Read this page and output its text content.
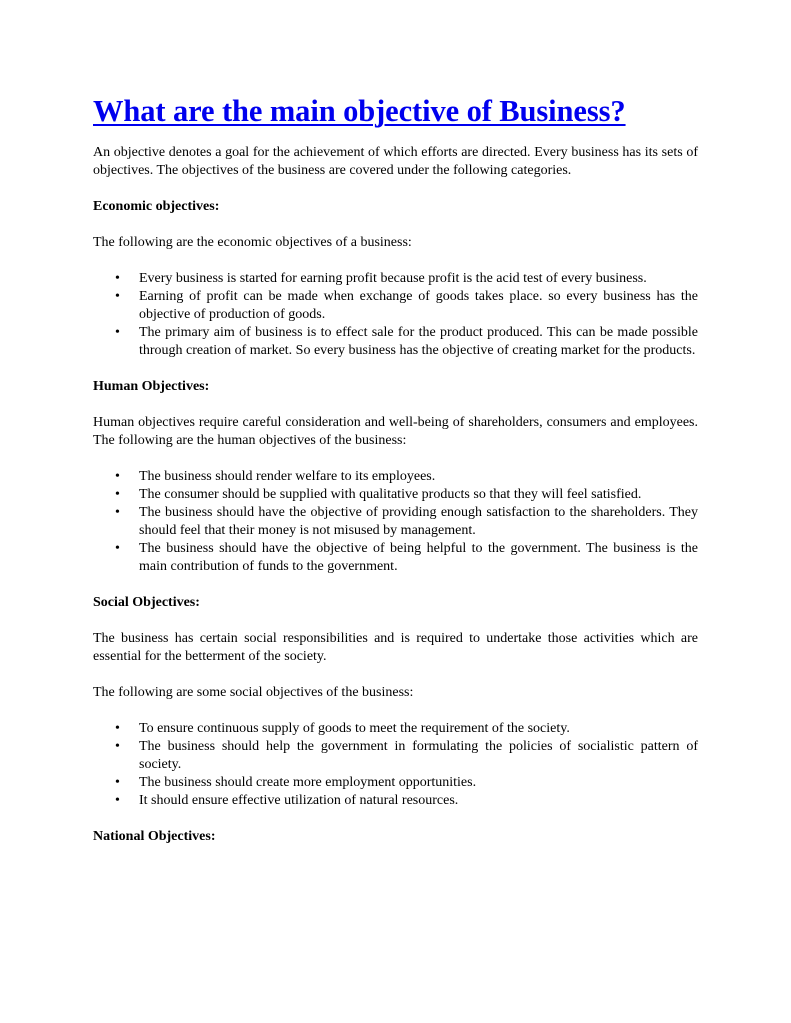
What are the main objective of Business?

An objective denotes a goal for the achievement of which efforts are directed. Every business has its sets of objectives. The objectives of the business are covered under the following categories.

Economic objectives:

The following are the economic objectives of a business:

• Every business is started for earning profit because profit is the acid test of every business.
• Earning of profit can be made when exchange of goods takes place. so every business has the objective of production of goods.
• The primary aim of business is to effect sale for the product produced. This can be made possible through creation of market. So every business has the objective of creating market for the products.
Human Objectives:

Human objectives require careful consideration and well-being of shareholders, consumers and employees. The following are the human objectives of the business:

• The business should render welfare to its employees.
• The consumer should be supplied with qualitative products so that they will feel satisfied.
• The business should have the objective of providing enough satisfaction to the shareholders. They should feel that their money is not misused by management.
• The business should have the objective of being helpful to the government. The business is the main contribution of funds to the government.
Social Objectives:

The business has certain social responsibilities and is required to undertake those activities which are essential for the betterment of the society.

The following are some social objectives of the business:

• To ensure continuous supply of goods to meet the requirement of the society.
• The business should help the government in formulating the policies of socialistic pattern of society.
• The business should create more employment opportunities.
• It should ensure effective utilization of natural resources.
National Objectives:
